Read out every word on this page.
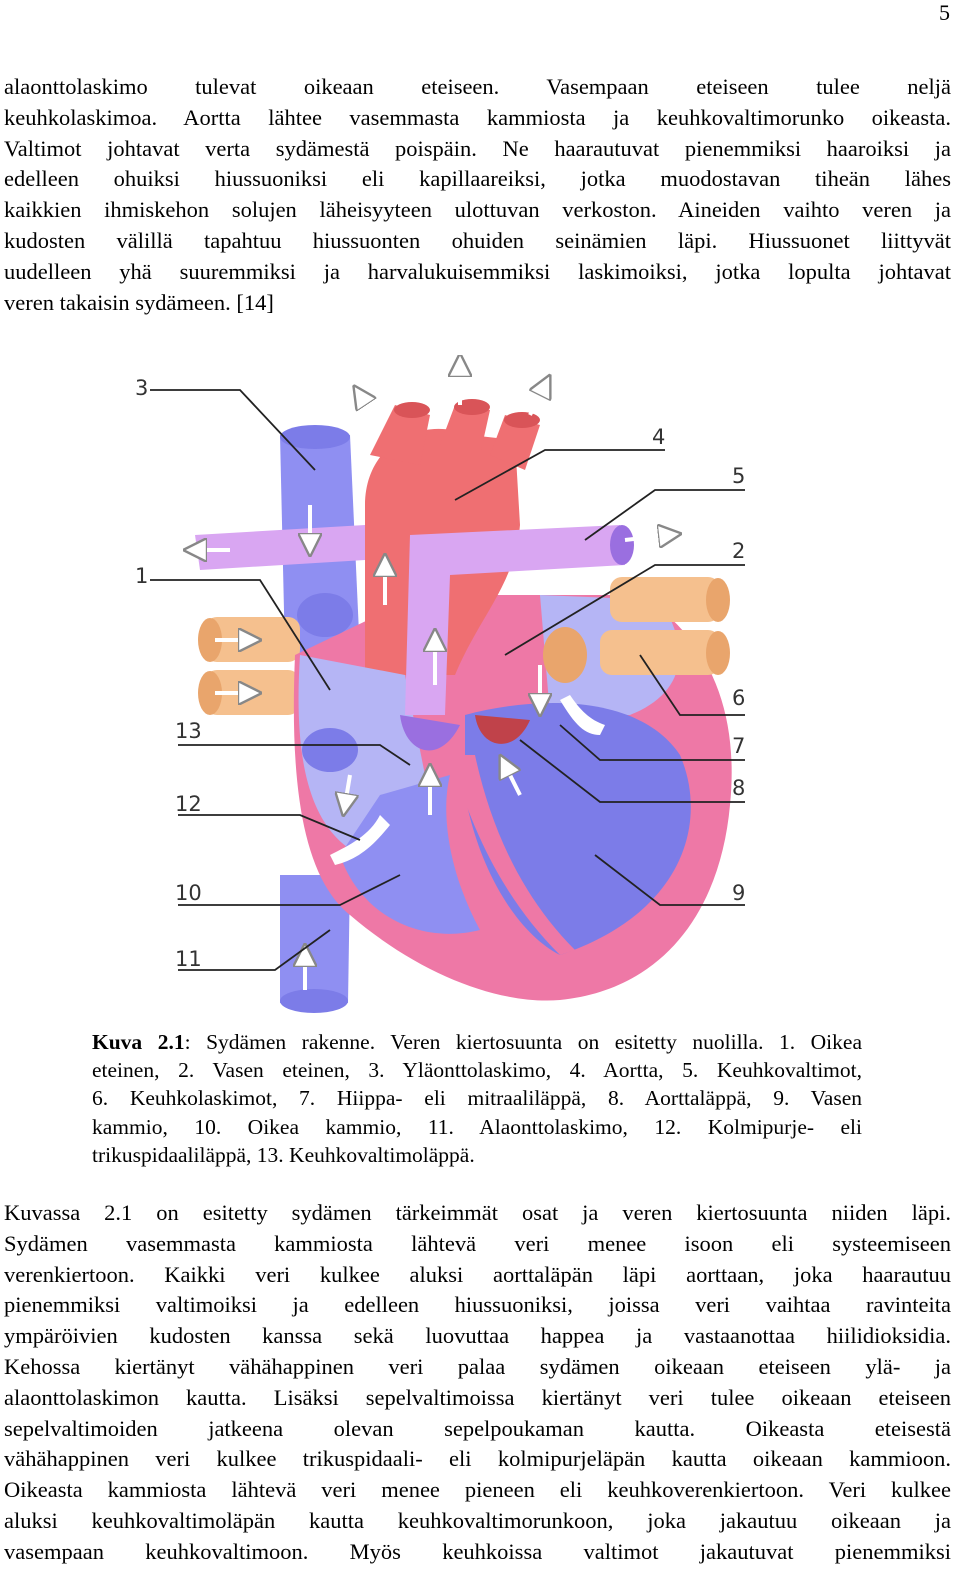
5
alaonttolaskimo tulevat oikeaan eteiseen. Vasempaan eteiseen tulee neljä
keuhkolaskimoa. Aortta lähtee vasemmasta kammiosta ja keuhkovaltimorunko oikeasta.
Valtimot johtavat verta sydämestä poispäin. Ne haarautuvat pienemmiksi haaroiksi ja
edelleen ohuiksi hiussuoniksi eli kapillaareiksi, jotka muodostavan tiheän lähes
kaikkien ihmiskehon solujen läheisyyteen ulottuvan verkoston. Aineiden vaihto veren ja
kudosten välillä tapahtuu hiussuonten ohuiden seinämien läpi. Hiussuonet liittyvät
uudelleen yhä suuremmiksi ja harvalukuisemmiksi laskimoiksi, jotka lopulta johtavat
veren takaisin sydämeen. [14]
3
4
5
2
1
6
13
7
8
12
10	9
11
Kuva 2.1: Sydämen rakenne. Veren kiertosuunta on esitetty nuolilla. 1. Oikea
eteinen, 2. Vasen eteinen, 3. Yläonttolaskimo, 4. Aortta, 5. Keuhkovaltimot,
6. Keuhkolaskimot, 7. Hiippa- eli mitraaliläppä, 8. Aorttaläppä, 9. Vasen
kammio, 10. Oikea kammio, 11. Alaonttolaskimo, 12. Kolmipurje- eli
trikuspidaaliläppä, 13. Keuhkovaltimoläppä.
Kuvassa 2.1 on esitetty sydämen tärkeimmät osat ja veren kiertosuunta niiden läpi.
Sydämen vasemmasta kammiosta lähtevä veri menee isoon eli systeemiseen
verenkiertoon. Kaikki veri kulkee aluksi aorttaläpän läpi aorttaan, joka haarautuu
pienemmiksi valtimoiksi ja edelleen hiussuoniksi, joissa veri vaihtaa ravinteita
ympäröivien kudosten kanssa sekä luovuttaa happea ja vastaanottaa hiilidioksidia.
Kehossa kiertänyt vähähappinen veri palaa sydämen oikeaan eteiseen ylä- ja
alaonttolaskimon kautta. Lisäksi sepelvaltimoissa kiertänyt veri tulee oikeaan eteiseen
sepelvaltimoiden jatkeena olevan sepelpoukaman kautta. Oikeasta eteisestä
vähähappinen veri kulkee trikuspidaali- eli kolmipurjeläpän kautta oikeaan kammioon.
Oikeasta kammiosta lähtevä veri menee pieneen eli keuhkoverenkiertoon. Veri kulkee
aluksi keuhkovaltimoläpän kautta keuhkovaltimorunkoon, joka jakautuu oikeaan ja
vasempaan keuhkovaltimoon. Myös keuhkoissa valtimot jakautuvat pienemmiksi
